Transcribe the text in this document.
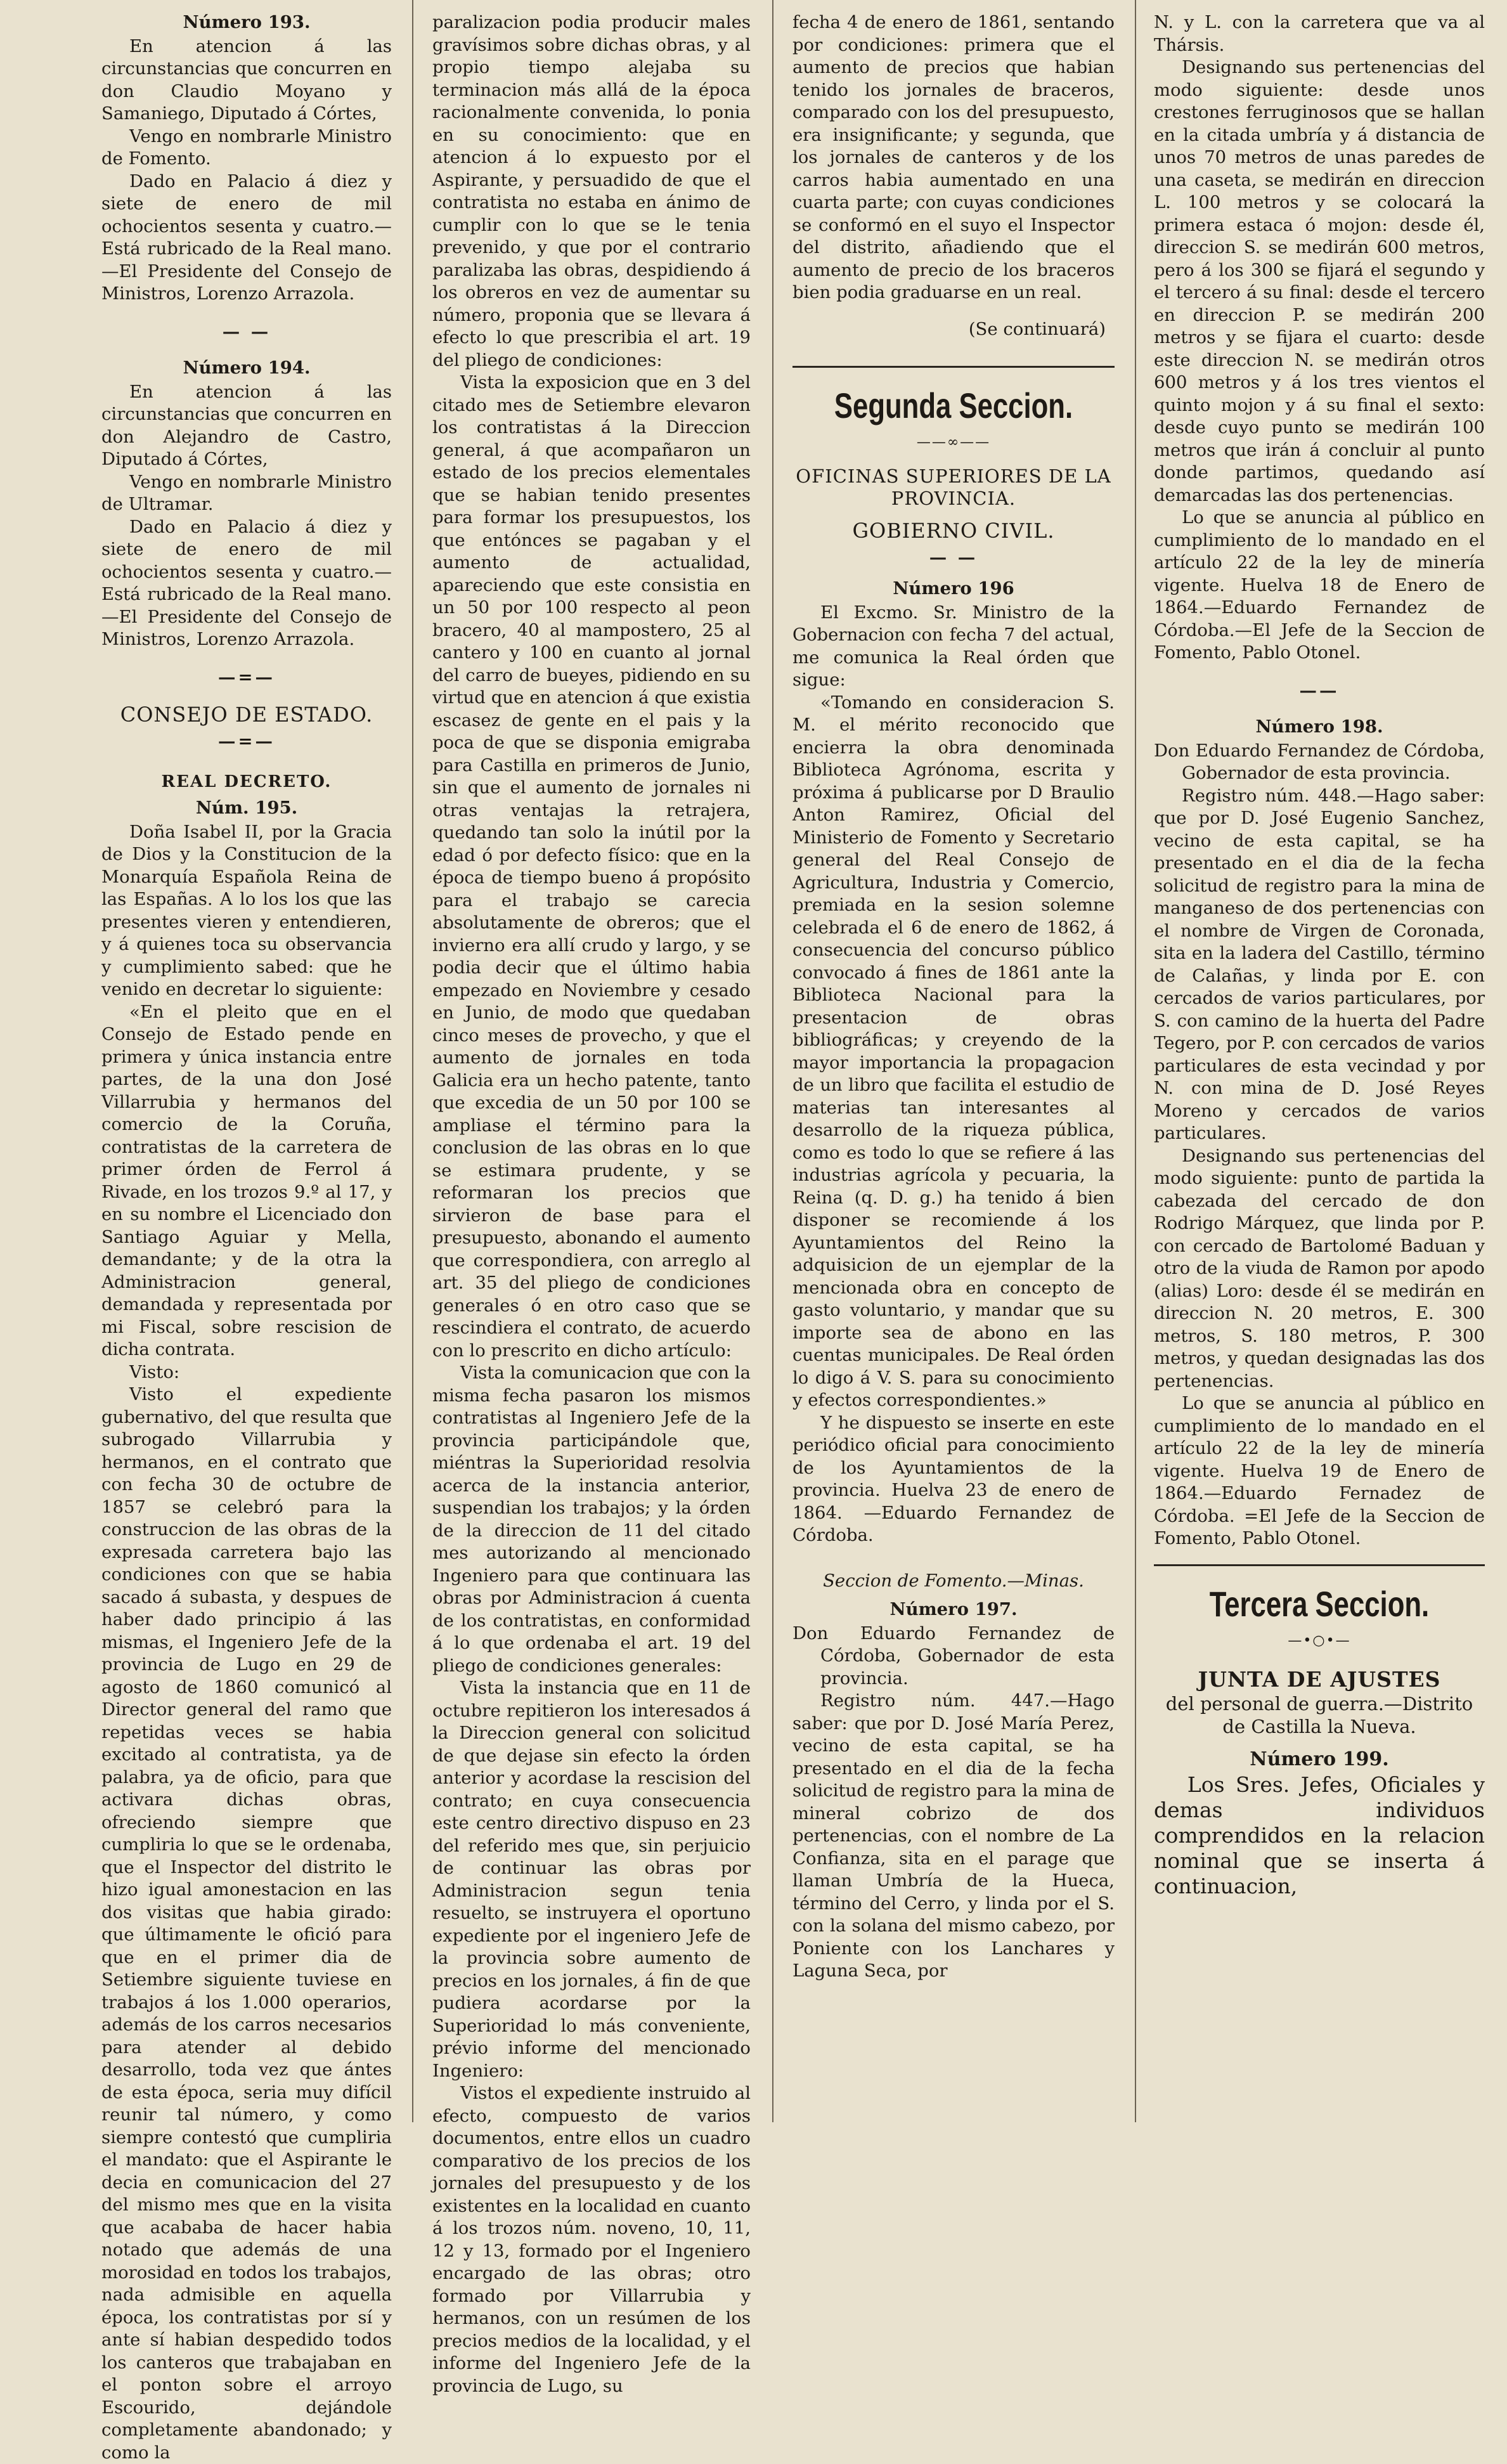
Número 193.

En atencion á las circunstancias que concurren en don Claudio Moyano y Samaniego, Diputado á Córtes,

Vengo en nombrarle Ministro de Fomento.

Dado en Palacio á diez y siete de enero de mil ochocientos sesenta y cuatro.—Está rubricado de la Real mano.—El Presidente del Consejo de Ministros, Lorenzo Arrazola.

— —

Número 194.

En atencion á las circunstancias que concurren en don Alejandro de Castro, Diputado á Córtes,

Vengo en nombrarle Ministro de Ultramar.

Dado en Palacio á diez y siete de enero de mil ochocientos sesenta y cuatro.—Está rubricado de la Real mano.—El Presidente del Consejo de Ministros, Lorenzo Arrazola.

—=—

CONSEJO DE ESTADO.

—=—

REAL DECRETO.

Núm. 195.

Doña Isabel II, por la Gracia de Dios y la Constitucion de la Monarquía Española Reina de las Españas. A lo los los que las presentes vieren y entendieren, y á quienes toca su observancia y cumplimiento sabed: que he venido en decretar lo siguiente:

«En el pleito que en el Consejo de Estado pende en primera y única instancia entre partes, de la una don José Villarrubia y hermanos del comercio de la Coruña, contratistas de la carretera de primer órden de Ferrol á Rivade, en los trozos 9.º al 17, y en su nombre el Licenciado don Santiago Aguiar y Mella, demandante; y de la otra la Administracion general, demandada y representada por mi Fiscal, sobre rescision de dicha contrata.

Visto:

Visto el expediente gubernativo, del que resulta que subrogado Villarrubia y hermanos, en el contrato que con fecha 30 de octubre de 1857 se celebró para la construccion de las obras de la expresada carretera bajo las condiciones con que se habia sacado á subasta, y despues de haber dado principio á las mismas, el Ingeniero Jefe de la provincia de Lugo en 29 de agosto de 1860 comunicó al Director general del ramo que repetidas veces se habia excitado al contratista, ya de palabra, ya de oficio, para que activara dichas obras, ofreciendo siempre que cumpliria lo que se le ordenaba, que el Inspector del distrito le hizo igual amonestacion en las dos visitas que habia girado: que últimamente le ofició para que en el primer dia de Setiembre siguiente tuviese en trabajos á los 1.000 operarios, además de los carros necesarios para atender al debido desarrollo, toda vez que ántes de esta época, seria muy difícil reunir tal número, y como siempre contestó que cumpliria el mandato: que el Aspirante le decia en comunicacion del 27 del mismo mes que en la visita que acababa de hacer habia notado que además de una morosidad en todos los trabajos, nada admisible en aquella época, los contratistas por sí y ante sí habian despedido todos los canteros que trabajaban en el ponton sobre el arroyo Escourido, dejándole completamente abandonado; y como la

paralizacion podia producir males gravísimos sobre dichas obras, y al propio tiempo alejaba su terminacion más allá de la época racionalmente convenida, lo ponia en su conocimiento: que en atencion á lo expuesto por el Aspirante, y persuadido de que el contratista no estaba en ánimo de cumplir con lo que se le tenia prevenido, y que por el contrario paralizaba las obras, despidiendo á los obreros en vez de aumentar su número, proponia que se llevara á efecto lo que prescribia el art. 19 del pliego de condiciones:

Vista la exposicion que en 3 del citado mes de Setiembre elevaron los contratistas á la Direccion general, á que acompañaron un estado de los precios elementales que se habian tenido presentes para formar los presupuestos, los que entónces se pagaban y el aumento de actualidad, apareciendo que este consistia en un 50 por 100 respecto al peon bracero, 40 al mampostero, 25 al cantero y 100 en cuanto al jornal del carro de bueyes, pidiendo en su virtud que en atencion á que existia escasez de gente en el pais y la poca de que se disponia emigraba para Castilla en primeros de Junio, sin que el aumento de jornales ni otras ventajas la retrajera, quedando tan solo la inútil por la edad ó por defecto físico: que en la época de tiempo bueno á propósito para el trabajo se carecia absolutamente de obreros; que el invierno era allí crudo y largo, y se podia decir que el último habia empezado en Noviembre y cesado en Junio, de modo que quedaban cinco meses de provecho, y que el aumento de jornales en toda Galicia era un hecho patente, tanto que excedia de un 50 por 100 se ampliase el término para la conclusion de las obras en lo que se estimara prudente, y se reformaran los precios que sirvieron de base para el presupuesto, abonando el aumento que correspondiera, con arreglo al art. 35 del pliego de condiciones generales ó en otro caso que se rescindiera el contrato, de acuerdo con lo prescrito en dicho artículo:

Vista la comunicacion que con la misma fecha pasaron los mismos contratistas al Ingeniero Jefe de la provincia participándole que, miéntras la Superioridad resolvia acerca de la instancia anterior, suspendian los trabajos; y la órden de la direccion de 11 del citado mes autorizando al mencionado Ingeniero para que continuara las obras por Administracion á cuenta de los contratistas, en conformidad á lo que ordenaba el art. 19 del pliego de condiciones generales:

Vista la instancia que en 11 de octubre repitieron los interesados á la Direccion general con solicitud de que dejase sin efecto la órden anterior y acordase la rescision del contrato; en cuya consecuencia este centro directivo dispuso en 23 del referido mes que, sin perjuicio de continuar las obras por Administracion segun tenia resuelto, se instruyera el oportuno expediente por el ingeniero Jefe de la provincia sobre aumento de precios en los jornales, á fin de que pudiera acordarse por la Superioridad lo más conveniente, prévio informe del mencionado Ingeniero:

Vistos el expediente instruido al efecto, compuesto de varios documentos, entre ellos un cuadro comparativo de los precios de los jornales del presupuesto y de los existentes en la localidad en cuanto á los trozos núm. noveno, 10, 11, 12 y 13, formado por el Ingeniero encargado de las obras; otro formado por Villarrubia y hermanos, con un resúmen de los precios medios de la localidad, y el informe del Ingeniero Jefe de la provincia de Lugo, su

fecha 4 de enero de 1861, sentando por condiciones: primera que el aumento de precios que habian tenido los jornales de braceros, comparado con los del presupuesto, era insignificante; y segunda, que los jornales de canteros y de los carros habia aumentado en una cuarta parte; con cuyas condiciones se conformó en el suyo el Inspector del distrito, añadiendo que el aumento de precio de los braceros bien podia graduarse en un real.

(Se continuará)

Segunda Seccion.
——∞——
OFICINAS SUPERIORES DE LA PROVINCIA.
GOBIERNO CIVIL.

— —

Número 196

El Excmo. Sr. Ministro de la Gobernacion con fecha 7 del actual, me comunica la Real órden que sigue:

«Tomando en consideracion S. M. el mérito reconocido que encierra la obra denominada Biblioteca Agrónoma, escrita y próxima á publicarse por D Braulio Anton Ramirez, Oficial del Ministerio de Fomento y Secretario general del Real Consejo de Agricultura, Industria y Comercio, premiada en la sesion solemne celebrada el 6 de enero de 1862, á consecuencia del concurso público convocado á fines de 1861 ante la Biblioteca Nacional para la presentacion de obras bibliográficas; y creyendo de la mayor importancia la propagacion de un libro que facilita el estudio de materias tan interesantes al desarrollo de la riqueza pública, como es todo lo que se refiere á las industrias agrícola y pecuaria, la Reina (q. D. g.) ha tenido á bien disponer se recomiende á los Ayuntamientos del Reino la adquisicion de un ejemplar de la mencionada obra en concepto de gasto voluntario, y mandar que su importe sea de abono en las cuentas municipales. De Real órden lo digo á V. S. para su conocimiento y efectos correspondientes.»

Y he dispuesto se inserte en este periódico oficial para conocimiento de los Ayuntamientos de la provincia. Huelva 23 de enero de 1864. —Eduardo Fernandez de Córdoba.

Seccion de Fomento.—Minas.

Número 197.

Don Eduardo Fernandez de Córdoba, Gobernador de esta provincia.

Registro núm. 447.—Hago saber: que por D. José María Perez, vecino de esta capital, se ha presentado en el dia de la fecha solicitud de registro para la mina de mineral cobrizo de dos pertenencias, con el nombre de La Confianza, sita en el parage que llaman Umbría de la Hueca, término del Cerro, y linda por el S. con la solana del mismo cabezo, por Poniente con los Lanchares y Laguna Seca, por

N. y L. con la carretera que va al Thársis.

Designando sus pertenencias del modo siguiente: desde unos crestones ferruginosos que se hallan en la citada umbría y á distancia de unos 70 metros de unas paredes de una caseta, se medirán en direccion L. 100 metros y se colocará la primera estaca ó mojon: desde él, direccion S. se medirán 600 metros, pero á los 300 se fijará el segundo y el tercero á su final: desde el tercero en direccion P. se medirán 200 metros y se fijara el cuarto: desde este direccion N. se medirán otros 600 metros y á los tres vientos el quinto mojon y á su final el sexto: desde cuyo punto se medirán 100 metros que irán á concluir al punto donde partimos, quedando así demarcadas las dos pertenencias.

Lo que se anuncia al público en cumplimiento de lo mandado en el artículo 22 de la ley de minería vigente. Huelva 18 de Enero de 1864.—Eduardo Fernandez de Córdoba.—El Jefe de la Seccion de Fomento, Pablo Otonel.

——

Número 198.

Don Eduardo Fernandez de Córdoba, Gobernador de esta provincia.

Registro núm. 448.—Hago saber: que por D. José Eugenio Sanchez, vecino de esta capital, se ha presentado en el dia de la fecha solicitud de registro para la mina de manganeso de dos pertenencias con el nombre de Virgen de Coronada, sita en la ladera del Castillo, término de Calañas, y linda por E. con cercados de varios particulares, por S. con camino de la huerta del Padre Tegero, por P. con cercados de varios particulares de esta vecindad y por N. con mina de D. José Reyes Moreno y cercados de varios particulares.

Designando sus pertenencias del modo siguiente: punto de partida la cabezada del cercado de don Rodrigo Márquez, que linda por P. con cercado de Bartolomé Baduan y otro de la viuda de Ramon por apodo (alias) Loro: desde él se medirán en direccion N. 20 metros, E. 300 metros, S. 180 metros, P. 300 metros, y quedan designadas las dos pertenencias.

Lo que se anuncia al público en cumplimiento de lo mandado en el artículo 22 de la ley de minería vigente. Huelva 19 de Enero de 1864.—Eduardo Fernadez de Córdoba. =El Jefe de la Seccion de Fomento, Pablo Otonel.

Tercera Seccion.
—•○•—
JUNTA DE AJUSTES
del personal de guerra.—Distrito de Castilla la Nueva.

Número 199.

Los Sres. Jefes, Oficiales y demas individuos comprendidos en la relacion nominal que se inserta á continuacion,
